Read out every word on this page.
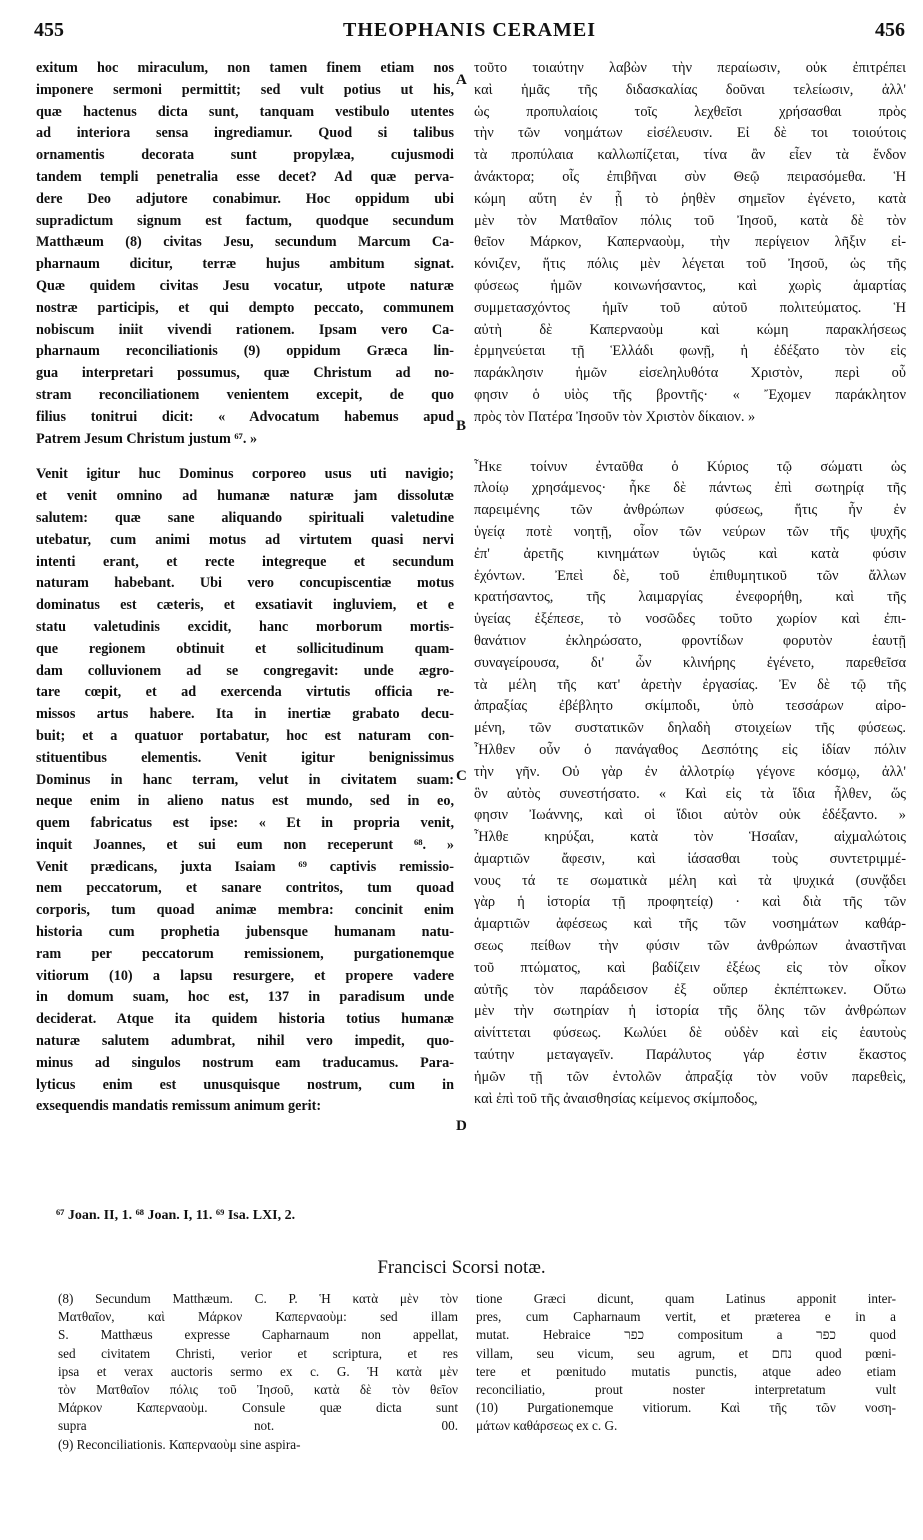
455	THEOPHANIS CERAMEI	456
exitum hoc miraculum, non tamen finem etiam nos
imponere sermoni permittit; sed vult potius ut his,
quæ hactenus dicta sunt, tanquam vestibulo utentes
ad interiora sensa ingrediamur. Quod si talibus
ornamentis decorata sunt propylæa, cujusmodi
tandem templi penetralia esse decet? Ad quæ perva-
dere Deo adjutore conabimur. Hoc oppidum ubi
supradictum signum est factum, quodque secundum
Matthæum (8) civitas Jesu, secundum Marcum Ca-
pharnaum dicitur, terræ hujus ambitum signat.
Quæ quidem civitas Jesu vocatur, utpote naturæ
nostræ participis, et qui dempto peccato, communem
nobiscum iniit vivendi rationem. Ipsam vero Ca-
pharnaum reconciliationis (9) oppidum Græca lin-
gua interpretari possumus, quæ Christum ad no-
stram reconciliationem venientem excepit, de quo
filius tonitrui dicit: « Advocatum habemus apud
Patrem Jesum Christum justum ⁶⁷. »
Venit igitur huc Dominus corporeo usus uti navigio;
et venit omnino ad humanæ naturæ jam dissolutæ
salutem: quæ sane aliquando spirituali valetudine
utebatur, cum animi motus ad virtutem quasi nervi
intenti erant, et recte integreque et secundum
naturam habebant. Ubi vero concupiscentiæ motus
dominatus est cæteris, et exsatiavit ingluviem, et e
statu valetudinis excidit, hanc morborum mortis-
que regionem obtinuit et sollicitudinum quam-
dam colluvionem ad se congregavit: unde ægro-
tare cœpit, et ad exercenda virtutis officia re-
missos artus habere. Ita in inertiæ grabato decu-
buit; et a quatuor portabatur, hoc est naturam con-
stituentibus elementis. Venit igitur benignissimus
Dominus in hanc terram, velut in civitatem suam:
neque enim in alieno natus est mundo, sed in eo,
quem fabricatus est ipse: « Et in propria venit,
inquit Joannes, et sui eum non receperunt ⁶⁸. »
Venit prædicans, juxta Isaiam ⁶⁹ captivis remissio-
nem peccatorum, et sanare contritos, tum quoad
corporis, tum quoad animæ membra: concinit enim
historia cum prophetia jubensque humanam natu-
ram per peccatorum remissionem, purgationemque
vitiorum (10) a lapsu resurgere, et propere vadere
in domum suam, hoc est, 137 in paradisum unde
deciderat. Atque ita quidem historia totius humanæ
naturæ salutem adumbrat, nihil vero impedit, quo-
minus ad singulos nostrum eam traducamus. Para-
lyticus enim est unusquisque nostrum, cum in
exsequendis mandatis remissum animum gerit:
τοῦτο τοιαύτην λαβὼν τὴν περαίωσιν, οὐκ ἐπιτρέπει
καὶ ἡμᾶς τῆς διδασκαλίας δοῦναι τελείωσιν, ἀλλ'
ὡς προπυλαίοις τοῖς λεχθεῖσι χρήσασθαι πρὸς
τὴν τῶν νοημάτων εἰσέλευσιν. Εἰ δὲ τοι τοιούτοις
τὰ προπύλαια καλλωπίζεται, τίνα ἂν εἶεν τὰ ἔνδον
ἀνάκτορα; οἷς ἐπιβῆναι σὺν Θεῷ πειρασόμεθα. Ἡ
κώμη αὕτη ἐν ᾗ τὸ ῥηθὲν σημεῖον ἐγένετο, κατὰ
μὲν τὸν Ματθαῖον πόλις τοῦ Ἰησοῦ, κατὰ δὲ τὸν
θεῖον Μάρκον, Καπερναοὺμ, τὴν περίγειον λῆξιν εἰ-
κόνιζεν, ἥτις πόλις μὲν λέγεται τοῦ Ἰησοῦ, ὡς τῆς
φύσεως ἡμῶν κοινωνήσαντος, καὶ χωρὶς ἁμαρτίας
συμμετασχόντος ἡμῖν τοῦ αὐτοῦ πολιτεύματος. Ἡ
αὐτὴ δὲ Καπερναοὺμ καὶ κώμη παρακλήσεως
ἑρμηνεύεται τῇ Ἑλλάδι φωνῇ, ἡ ἐδέξατο τὸν εἰς
παράκλησιν ἡμῶν εἰσεληλυθότα Χριστὸν, περὶ οὗ
φησιν ὁ υἱὸς τῆς βροντῆς· « Ἔχομεν παράκλητον
πρὸς τὸν Πατέρα Ἰησοῦν τὸν Χριστὸν δίκαιον. »
Ἧκε τοίνυν ἐνταῦθα ὁ Κύριος τῷ σώματι ὡς
πλοίῳ χρησάμενος· ἧκε δὲ πάντως ἐπὶ σωτηρίᾳ τῆς
παρειμένης τῶν ἀνθρώπων φύσεως, ἥτις ἦν ἐν
ὑγείᾳ ποτὲ νοητῇ, οἷον τῶν νεύρων τῶν τῆς ψυχῆς
ἐπ' ἀρετῆς κινημάτων ὑγιῶς καὶ κατὰ φύσιν
ἐχόντων. Ἐπεὶ δὲ, τοῦ ἐπιθυμητικοῦ τῶν ἄλλων
κρατήσαντος, τῆς λαιμαργίας ἐνεφορήθη, καὶ τῆς
ὑγείας ἐξέπεσε, τὸ νοσῶδες τοῦτο χωρίον καὶ ἐπι-
θανάτιον ἐκληρώσατο, φροντίδων φορυτὸν ἑαυτῇ
συναγείρουσα, δι' ὧν κλινήρης ἐγένετο, παρεθεῖσα
τὰ μέλη τῆς κατ' ἀρετὴν ἐργασίας. Ἐν δὲ τῷ τῆς
ἀπραξίας ἐβέβλητο σκίμποδι, ὑπὸ τεσσάρων αἰρο-
μένη, τῶν συστατικῶν δηλαδὴ στοιχείων τῆς φύσεως.
Ἦλθεν οὖν ὁ πανάγαθος Δεσπότης εἰς ἰδίαν πόλιν
τὴν γῆν. Οὐ γὰρ ἐν ἀλλοτρίῳ γέγονε κόσμῳ, ἀλλ'
ὃν αὐτὸς συνεστήσατο. « Καὶ εἰς τὰ ἴδια ἦλθεν, ὥς
φησιν Ἰωάννης, καὶ οἱ ἴδιοι αὐτὸν οὐκ ἐδέξαντο. »
Ἦλθε κηρύξαι, κατὰ τὸν Ἡσαΐαν, αἰχμαλώτοις
ἁμαρτιῶν ἄφεσιν, καὶ ἰάσασθαι τοὺς συντετριμμέ-
νους τά τε σωματικὰ μέλη καὶ τὰ ψυχικά (συνᾄδει
γὰρ ἡ ἱστορία τῇ προφητείᾳ) · καὶ διὰ τῆς τῶν
ἁμαρτιῶν ἀφέσεως καὶ τῆς τῶν νοσημάτων καθάρ-
σεως πείθων τὴν φύσιν τῶν ἀνθρώπων ἀναστῆναι
τοῦ πτώματος, καὶ βαδίζειν ἐξέως εἰς τὸν οἶκον
αὐτῆς τὸν παράδεισον ἐξ οὕπερ ἐκπέπτωκεν. Οὕτω
μὲν τὴν σωτηρίαν ἡ ἱστορία τῆς ὅλης τῶν ἀνθρώπων
αἰνίττεται φύσεως. Κωλύει δὲ οὐδὲν καὶ εἰς ἑαυτοὺς
ταύτην μεταγαγεῖν. Παράλυτος γάρ ἐστιν ἕκαστος
ἡμῶν τῇ τῶν ἐντολῶν ἀπραξίᾳ τὸν νοῦν παρεθεὶς,
καὶ ἐπὶ τοῦ τῆς ἀναισθησίας κείμενος σκίμποδος,
A
B
C
D
⁶⁷ Joan. II, 1. ⁶⁸ Joan. I, 11. ⁶⁹ Isa. LXI, 2.
Francisci Scorsi notæ.
(8) Secundum Matthæum. C. P. Ἡ κατὰ μὲν τὸν
Ματθαῖον, καὶ Μάρκον Καπερναοὺμ: sed illam
S. Matthæus expresse Capharnaum non appellat,
sed civitatem Christi, verior et scriptura, et res
ipsa et verax auctoris sermo ex c. G. Ἡ κατὰ μὲν
τὸν Ματθαῖον πόλις τοῦ Ἰησοῦ, κατὰ δὲ τὸν θεῖον
Μάρκον Καπερναοὺμ. Consule quæ dicta sunt
supra not. 00.
(9) Reconciliationis. Καπερναοὺμ sine aspira-
tione Græci dicunt, quam Latinus apponit inter-
pres, cum Capharnaum vertit, et præterea e in a
mutat. Hebraice כפר compositum a כפר quod
villam, seu vicum, seu agrum, et נחם quod pœni-
tere et pœnitudo mutatis punctis, atque adeo etiam
reconciliatio, prout noster interpretatum vult
(10) Purgationemque vitiorum. Καὶ τῆς τῶν νοση-
μάτων καθάρσεως ex c. G.
